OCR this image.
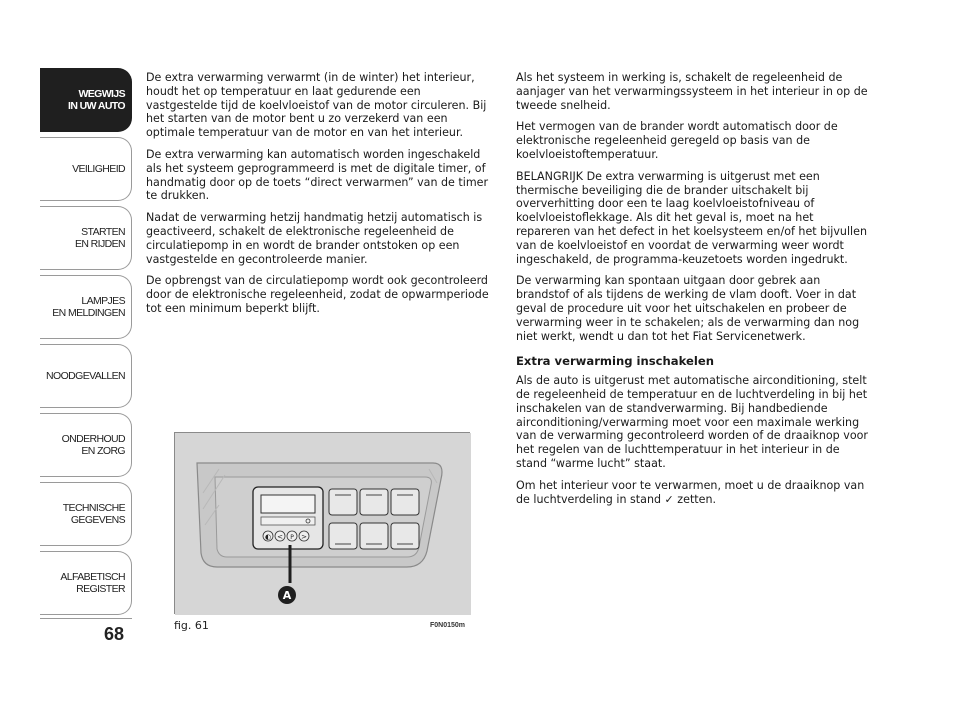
WEGWIJS
IN UW AUTO
VEILIGHEID
STARTEN
EN RIJDEN
LAMPJES
EN MELDINGEN
NOODGEVALLEN
ONDERHOUD
EN ZORG
TECHNISCHE
GEGEVENS
ALFABETISCH
REGISTER
68

De extra verwarming verwarmt (in de winter) het interieur, houdt het op temperatuur en laat gedurende een vastgestelde tijd de koelvloeistof van de motor circuleren. Bij het starten van de motor bent u zo verzekerd van een optimale temperatuur van de motor en van het interieur.

De extra verwarming kan automatisch worden ingeschakeld als het systeem geprogrammeerd is met de digitale timer, of handmatig door op de toets “direct verwarmen” van de timer te drukken.

Nadat de verwarming hetzij handmatig hetzij automatisch is geactiveerd, schakelt de elektronische regeleenheid de circulatiepomp in en wordt de brander ontstoken op een vastgestelde en gecontroleerde manier.

De opbrengst van de circulatiepomp wordt ook gecontroleerd door de elektronische regeleenheid, zodat de opwarmperiode tot een minimum beperkt blijft.

Als het systeem in werking is, schakelt de regeleenheid de aanjager van het verwarmingssysteem in het interieur in op de tweede snelheid.

Het vermogen van de brander wordt automatisch door de elektronische regeleenheid geregeld op basis van de koelvloeistoftemperatuur.

BELANGRIJK De extra verwarming is uitgerust met een thermische beveiliging die de brander uitschakelt bij oververhitting door een te laag koelvloeistofniveau of koelvloeistoflekkage. Als dit het geval is, moet na het repareren van het defect in het koelsysteem en/of het bijvullen van de koelvloeistof en voordat de verwarming weer wordt ingeschakeld, de programma-keuzetoets worden ingedrukt.

De verwarming kan spontaan uitgaan door gebrek aan brandstof of als tijdens de werking de vlam dooft. Voer in dat geval de procedure uit voor het uitschakelen en probeer de verwarming weer in te schakelen; als de verwarming dan nog niet werkt, wendt u dan tot het Fiat Servicenetwerk.

Extra verwarming inschakelen

Als de auto is uitgerust met automatische airconditioning, stelt de regeleenheid de temperatuur en de luchtverdeling in bij het inschakelen van de standverwarming. Bij handbediende airconditioning/verwarming moet voor een maximale werking van de verwarming gecontroleerd worden of de draaiknop voor het regelen van de luchttemperatuur in het interieur in de stand “warme lucht” staat.

Om het interieur voor te verwarmen, moet u de draaiknop van de luchtverdeling in stand ✓ zetten.

◐ < P >
A
fig. 61	F0N0150m
